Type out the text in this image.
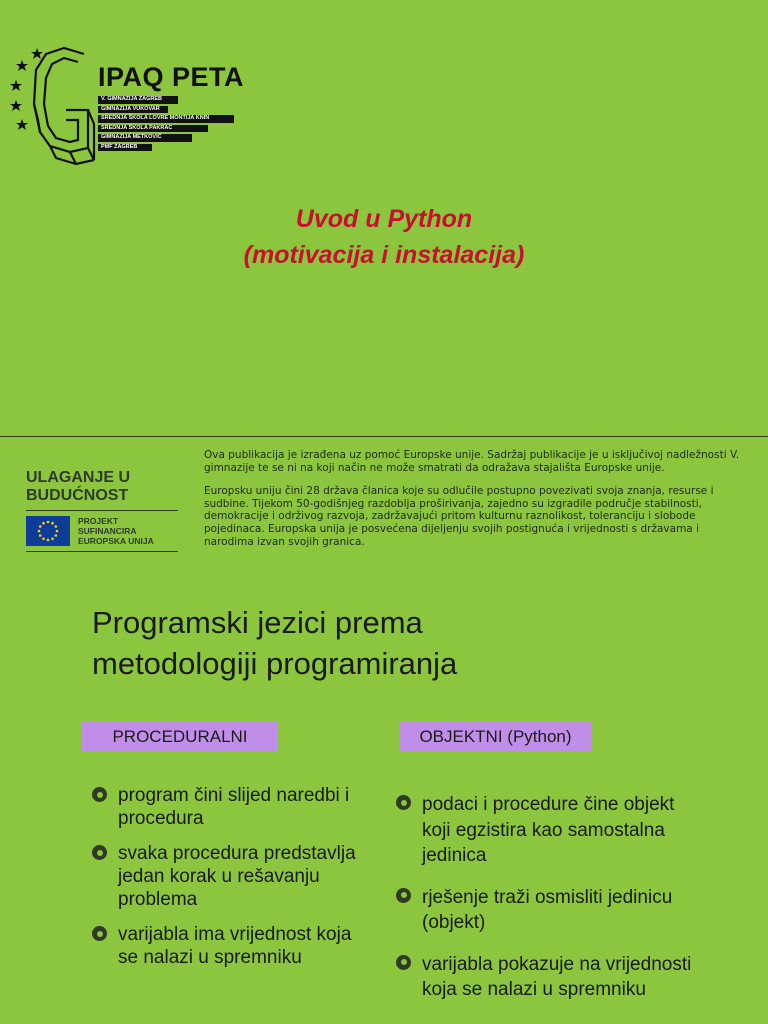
IPAQ PETA
V. GIMNAZIJA ZAGREB
GIMNAZIJA VUKOVAR
SREDNJA ŠKOLA LOVRE MONTIJA KNIN
SREDNJA ŠKOLA PAKRAC
GIMNAZIJA METKOVIĆ
PMF ZAGREB
Uvod u Python
(motivacija i instalacija)
ULAGANJE U
BUDUĆNOST
PROJEKT
SUFINANCIRA
EUROPSKA UNIJA

Ova publikacija je izrađena uz pomoć Europske unije. Sadržaj publikacije je u isključivoj nadležnosti V. gimnazije te se ni na koji način ne može smatrati da odražava stajališta Europske unije.

Europsku uniju čini 28 država članica koje su odlučile postupno povezivati svoja znanja, resurse i sudbine. Tijekom 50-godišnjeg razdoblja proširivanja, zajedno su izgradile područje stabilnosti, demokracije i održivog razvoja, zadržavajući pritom kulturnu raznolikost, toleranciju i slobode pojedinaca. Europska unija je posvećena dijeljenju svojih postignuća i vrijednosti s državama i narodima izvan svojih granica.

Programski jezici prema
metodologiji programiranja
PROCEDURALNI	OBJEKTNI (Python)
program čini slijed naredbi i procedura
svaka procedura predstavlja jedan korak u rešavanju problema
varijabla ima vrijednost koja se nalazi u spremniku
podaci i procedure čine objekt koji egzistira kao samostalna jedinica
rješenje traži osmisliti jedinicu (objekt)
varijabla pokazuje na vrijednosti koja se nalazi u spremniku
